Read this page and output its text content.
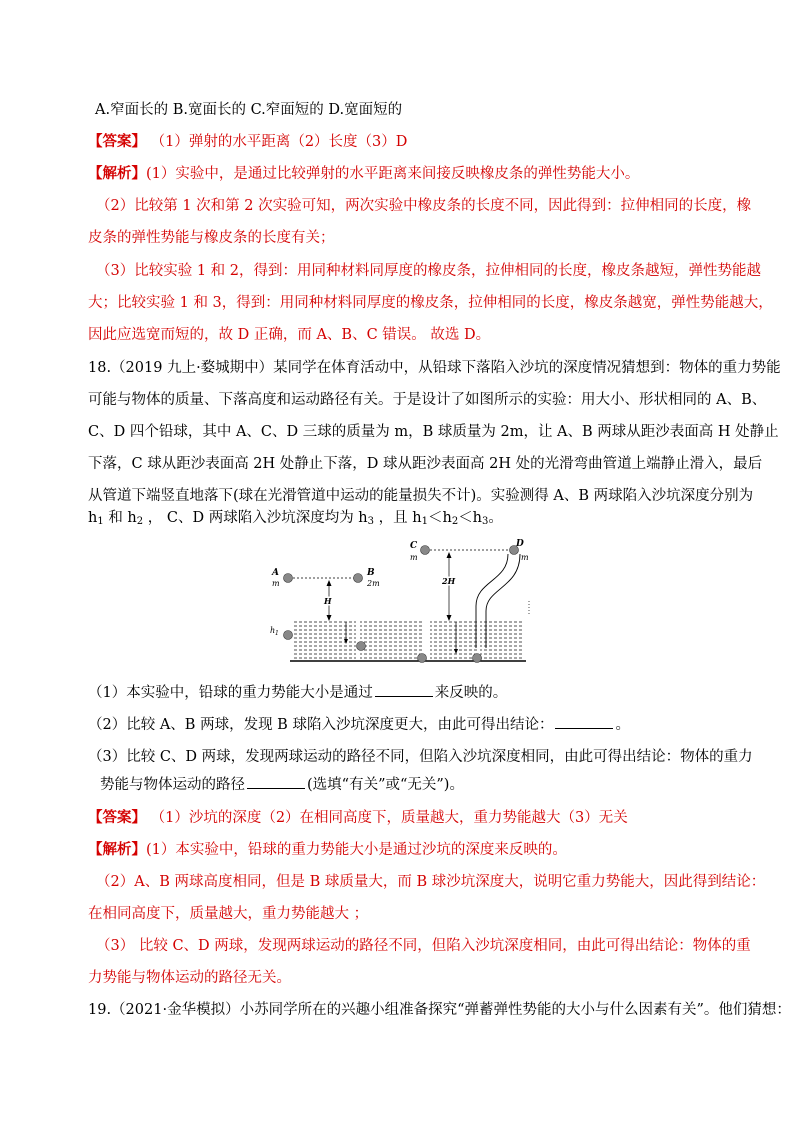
A.窄面长的 B.宽面长的 C.窄面短的 D.宽面短的
【答案】 （1）弹射的水平距离（2）长度（3）D
【解析】(1）实验中，是通过比较弹射的水平距离来间接反映橡皮条的弹性势能大小。
（2）比较第 1 次和第 2 次实验可知，两次实验中橡皮条的长度不同，因此得到：拉伸相同的长度，橡
皮条的弹性势能与橡皮条的长度有关；
（3）比较实验 1 和 2，得到：用同种材料同厚度的橡皮条，拉伸相同的长度，橡皮条越短，弹性势能越
大；比较实验 1 和 3，得到：用同种材料同厚度的橡皮条，拉伸相同的长度，橡皮条越宽，弹性势能越大，
因此应选宽而短的，故 D 正确，而 A、B、C 错误。 故选 D。
18.（2019 九上·婺城期中）某同学在体育活动中，从铅球下落陷入沙坑的深度情况猜想到：物体的重力势能
可能与物体的质量、下落高度和运动路径有关。于是设计了如图所示的实验：用大小、形状相同的 A、B、
C、D 四个铅球，其中 A、C、D 三球的质量为 m，B 球质量为 2m，让 A、B 两球从距沙表面高 H 处静止
下落，C 球从距沙表面高 2H 处静止下落，D 球从距沙表面高 2H 处的光滑弯曲管道上端静止滑入，最后
从管道下端竖直地落下(球在光滑管道中运动的能量损失不计)。实验测得 A、B 两球陷入沙坑深度分别为
$h_1$ 和 $h_2$ ， C、D 两球陷入沙坑深度均为 $h_3$ ，且 $h_1<h_2<h_3$。
A
m
B
2m
H
h 1
C
m
D
m
2H
（1）本实验中，铅球的重力势能大小是通过	来反映的。
（2）比较 A、B 两球，发现 B 球陷入沙坑深度更大，由此可得出结论：	。
（3）比较 C、D 两球，发现两球运动的路径不同，但陷入沙坑深度相同，由此可得出结论：物体的重力
势能与物体运动的路径	(选填“有关”或“无关”)。
【答案】 （1）沙坑的深度（2）在相同高度下，质量越大，重力势能越大（3）无关
【解析】(1）本实验中，铅球的重力势能大小是通过沙坑的深度来反映的。
（2）A、B 两球高度相同，但是 B 球质量大，而 B 球沙坑深度大，说明它重力势能大，因此得到结论：
在相同高度下，质量越大，重力势能越大 ；
（3） 比较 C、D 两球，发现两球运动的路径不同，但陷入沙坑深度相同，由此可得出结论：物体的重
力势能与物体运动的路径无关。
19.（2021·金华模拟）小苏同学所在的兴趣小组准备探究“弹蓄弹性势能的大小与什么因素有关”。他们猜想：
